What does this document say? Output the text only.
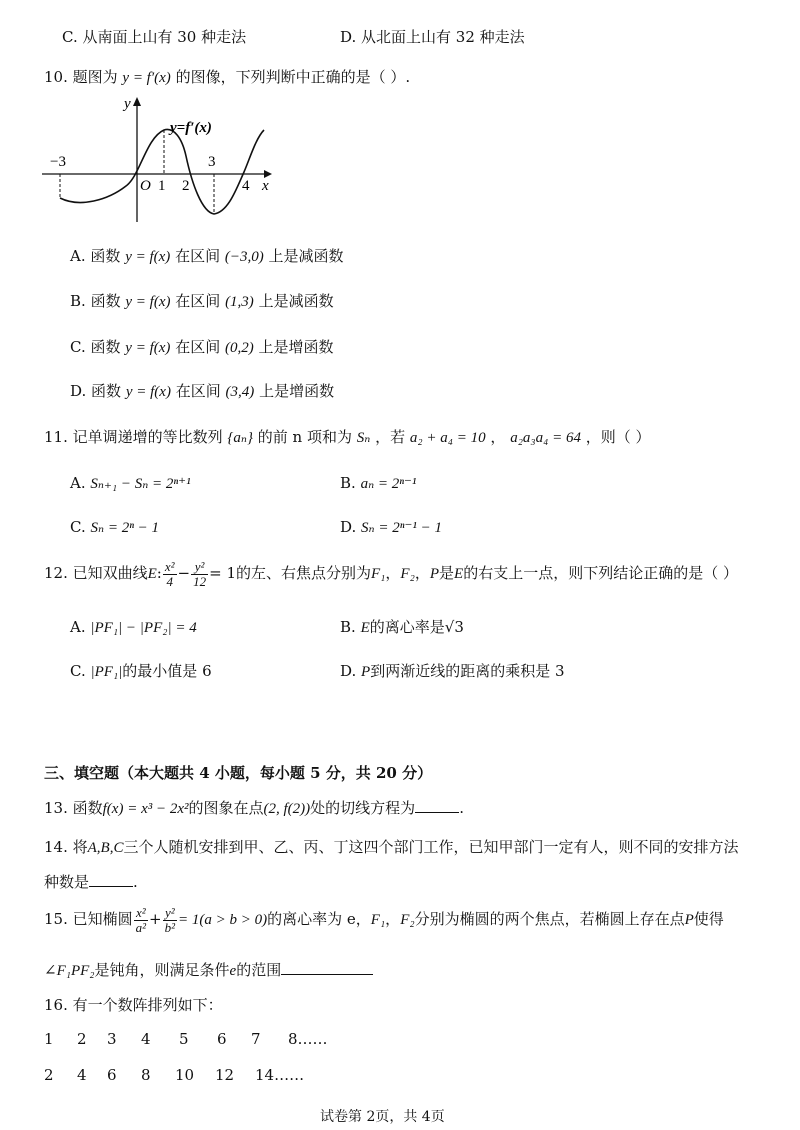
C. 从南面上山有 30 种走法	D. 从北面上山有 32 种走法
10. 题图为 y = f′(x) 的图像，下列判断中正确的是（ ）.
y
y=f′(x)
−3
O 1 2
3
4 x
A. 函数 y = f(x) 在区间 (−3,0) 上是减函数
B. 函数 y = f(x) 在区间 (1,3) 上是减函数
C. 函数 y = f(x) 在区间 (0,2) 上是增函数
D. 函数 y = f(x) 在区间 (3,4) 上是增函数
11. 记单调递增的等比数列 {aₙ} 的前 n 项和为 Sₙ ，若 a₂ + a₄ = 10 ， a₂a₃a₄ = 64 ，则（ ）
A. Sₙ₊₁ − Sₙ = 2ⁿ⁺¹	B. aₙ = 2ⁿ⁻¹
C. Sₙ = 2ⁿ − 1	D. Sₙ = 2ⁿ⁻¹ − 1
12. 已知双曲线E: $\frac{\text{x²}}{4} - \frac{\text{y²}}{12} = 1$的左、右焦点分别为F₁，F₂，P是E的右支上一点，则下列结论正确的是（ ）
A. |PF₁| − |PF₂| = 4	B. E的离心率是√3
C. |PF₁|的最小值是 6	D. P到两渐近线的距离的乘积是 3
三、填空题（本大题共 4 小题，每小题 5 分，共 20 分）
13. 函数f(x) = x³ − 2x²的图象在点(2, f(2))处的切线方程为	.
14. 将A,B,C三个人随机安排到甲、乙、丙、丁这四个部门工作，已知甲部门一定有人，则不同的安排方法
种数是	.
15. 已知椭圆 $\frac{\text{x²}}{\text{a²}} + \frac{\text{y²}}{\text{b²}} = 1(a > b > 0)$的离心率为 e，F₁，F₂分别为椭圆的两个焦点，若椭圆上存在点P使得
∠F₁PF₂是钝角，则满足条件e的范围
16. 有一个数阵排列如下：
1 2 3 4 5 6 7 8……
2 4 6 8 10 12 14……
试卷第 2页，共 4页
